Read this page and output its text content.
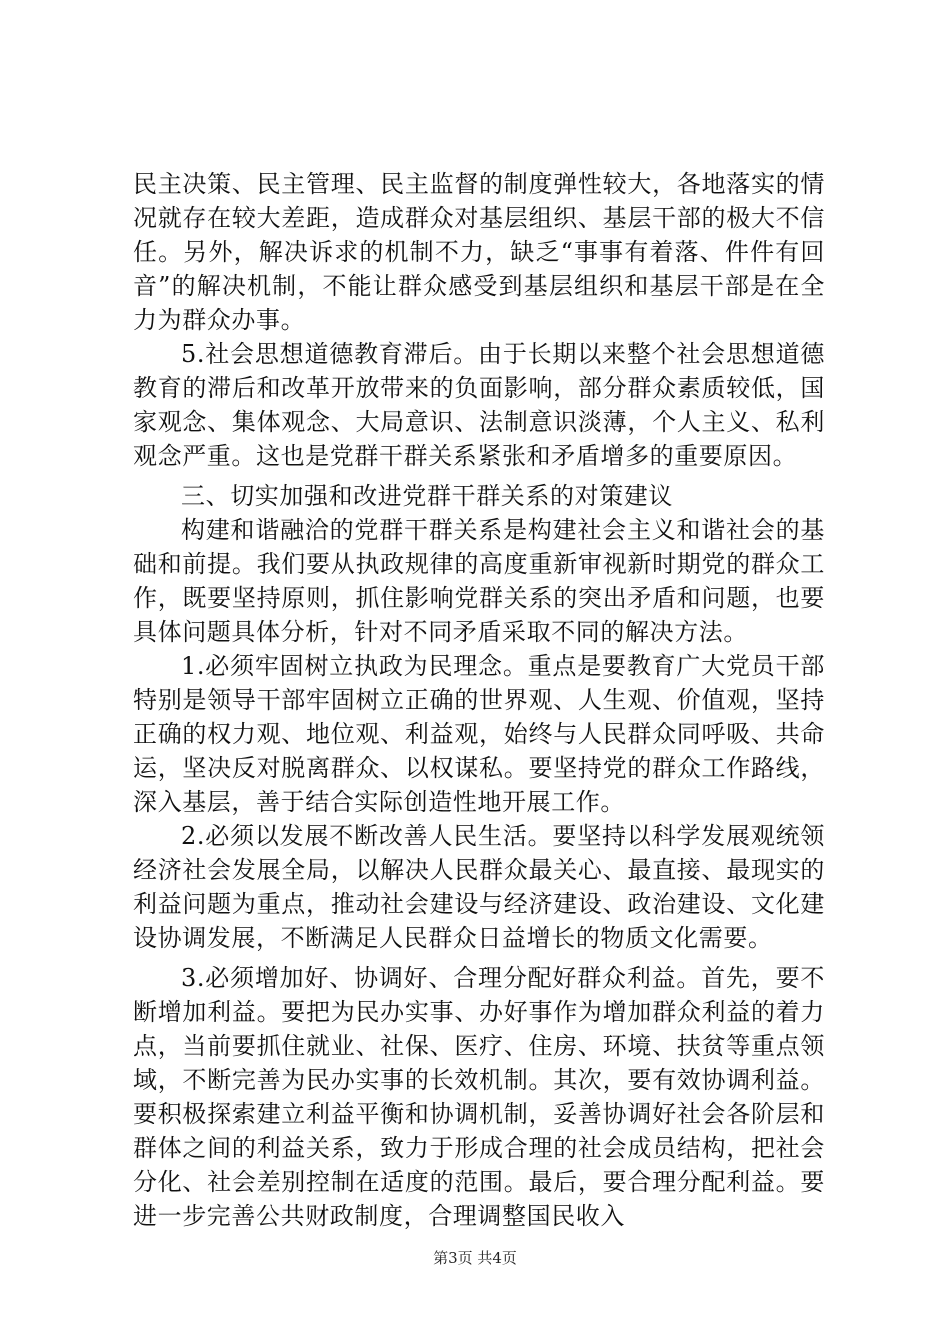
民主决策、民主管理、民主监督的制度弹性较大，各地落实的情况就存在较大差距，造成群众对基层组织、基层干部的极大不信任。另外，解决诉求的机制不力，缺乏“事事有着落、件件有回音”的解决机制，不能让群众感受到基层组织和基层干部是在全力为群众办事。

5.社会思想道德教育滞后。由于长期以来整个社会思想道德教育的滞后和改革开放带来的负面影响，部分群众素质较低，国家观念、集体观念、大局意识、法制意识淡薄，个人主义、私利观念严重。这也是党群干群关系紧张和矛盾增多的重要原因。

三、切实加强和改进党群干群关系的对策建议

构建和谐融洽的党群干群关系是构建社会主义和谐社会的基础和前提。我们要从执政规律的高度重新审视新时期党的群众工作，既要坚持原则，抓住影响党群关系的突出矛盾和问题，也要具体问题具体分析，针对不同矛盾采取不同的解决方法。

1.必须牢固树立执政为民理念。重点是要教育广大党员干部特别是领导干部牢固树立正确的世界观、人生观、价值观，坚持正确的权力观、地位观、利益观，始终与人民群众同呼吸、共命运，坚决反对脱离群众、以权谋私。要坚持党的群众工作路线，深入基层，善于结合实际创造性地开展工作。

2.必须以发展不断改善人民生活。要坚持以科学发展观统领经济社会发展全局，以解决人民群众最关心、最直接、最现实的利益问题为重点，推动社会建设与经济建设、政治建设、文化建设协调发展，不断满足人民群众日益增长的物质文化需要。

3.必须增加好、协调好、合理分配好群众利益。首先，要不断增加利益。要把为民办实事、办好事作为增加群众利益的着力点，当前要抓住就业、社保、医疗、住房、环境、扶贫等重点领域，不断完善为民办实事的长效机制。其次，要有效协调利益。要积极探索建立利益平衡和协调机制，妥善协调好社会各阶层和群体之间的利益关系，致力于形成合理的社会成员结构，把社会分化、社会差别控制在适度的范围。最后，要合理分配利益。要进一步完善公共财政制度，合理调整国民收入

第3页 共4页
